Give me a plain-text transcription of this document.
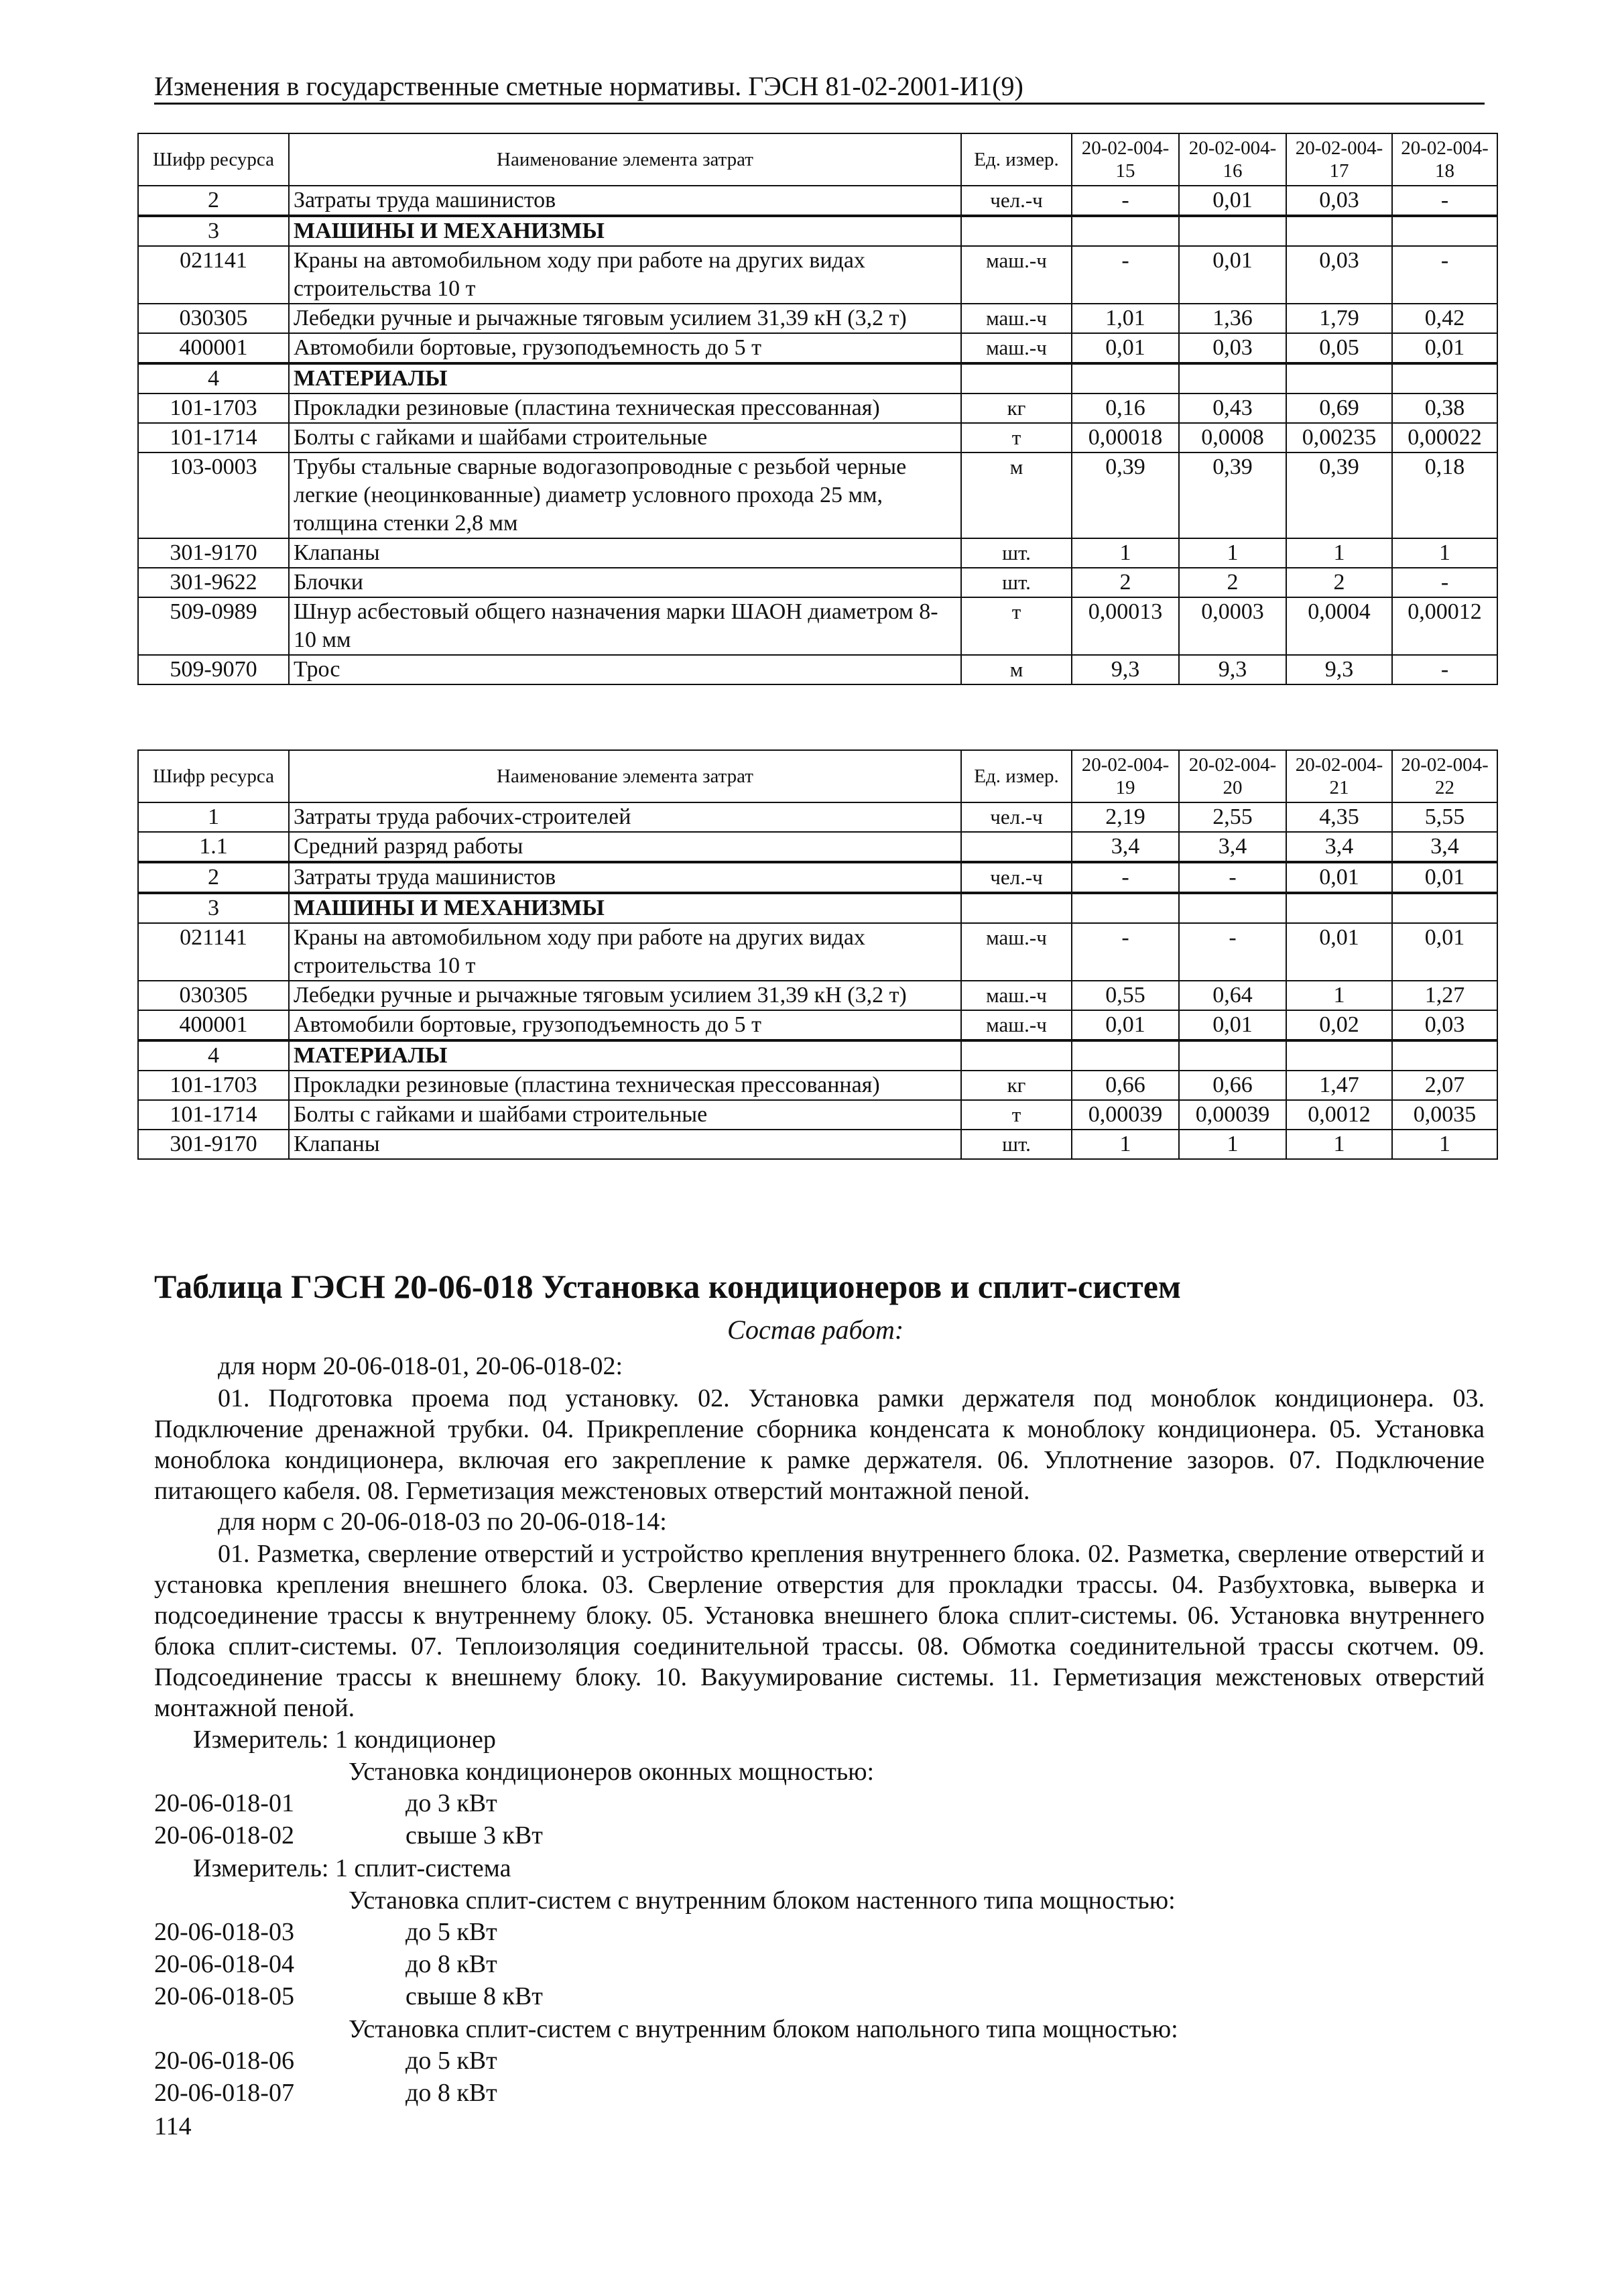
Изменения в государственные сметные нормативы. ГЭСН 81-02-2001-И1(9)
Шифр ресурса	Наименование элемента затрат	Ед. измер.	20-02-004-15	20-02-004-16	20-02-004-17	20-02-004-18
2	Затраты труда машинистов	чел.-ч	-	0,01	0,03	-
3	МАШИНЫ И МЕХАНИЗМЫ					
021141	Краны на автомобильном ходу при работе на других видах строительства 10 т	маш.-ч	-	0,01	0,03	-
030305	Лебедки ручные и рычажные тяговым усилием 31,39 кН (3,2 т)	маш.-ч	1,01	1,36	1,79	0,42
400001	Автомобили бортовые, грузоподъемность до 5 т	маш.-ч	0,01	0,03	0,05	0,01
4	МАТЕРИАЛЫ					
101-1703	Прокладки резиновые (пластина техническая прессованная)	кг	0,16	0,43	0,69	0,38
101-1714	Болты с гайками и шайбами строительные	т	0,00018	0,0008	0,00235	0,00022
103-0003	Трубы стальные сварные водогазопроводные с резьбой черные легкие (неоцинкованные) диаметр условного прохода 25 мм, толщина стенки 2,8 мм	м	0,39	0,39	0,39	0,18
301-9170	Клапаны	шт.	1	1	1	1
301-9622	Блочки	шт.	2	2	2	-
509-0989	Шнур асбестовый общего назначения марки ШАОН диаметром 8-10 мм	т	0,00013	0,0003	0,0004	0,00012
509-9070	Трос	м	9,3	9,3	9,3	-
Шифр ресурса	Наименование элемента затрат	Ед. измер.	20-02-004-19	20-02-004-20	20-02-004-21	20-02-004-22
1	Затраты труда рабочих-строителей	чел.-ч	2,19	2,55	4,35	5,55
1.1	Средний разряд работы		3,4	3,4	3,4	3,4
2	Затраты труда машинистов	чел.-ч	-	-	0,01	0,01
3	МАШИНЫ И МЕХАНИЗМЫ					
021141	Краны на автомобильном ходу при работе на других видах строительства 10 т	маш.-ч	-	-	0,01	0,01
030305	Лебедки ручные и рычажные тяговым усилием 31,39 кН (3,2 т)	маш.-ч	0,55	0,64	1	1,27
400001	Автомобили бортовые, грузоподъемность до 5 т	маш.-ч	0,01	0,01	0,02	0,03
4	МАТЕРИАЛЫ					
101-1703	Прокладки резиновые (пластина техническая прессованная)	кг	0,66	0,66	1,47	2,07
101-1714	Болты с гайками и шайбами строительные	т	0,00039	0,00039	0,0012	0,0035
301-9170	Клапаны	шт.	1	1	1	1
Таблица ГЭСН 20-06-018 Установка кондиционеров и сплит-систем
Состав работ:
для норм 20-06-018-01, 20-06-018-02:

01. Подготовка проема под установку. 02. Установка рамки держателя под моноблок кондиционера. 03. Подключение дренажной трубки. 04. Прикрепление сборника конденсата к моноблоку кондиционера. 05. Установка моноблока кондиционера, включая его закрепление к рамке держателя. 06. Уплотнение зазоров. 07. Подключение питающего кабеля. 08. Герметизация межстеновых отверстий монтажной пеной.

для норм с 20-06-018-03 по 20-06-018-14:

01. Разметка, сверление отверстий и устройство крепления внутреннего блока. 02. Разметка, сверление отверстий и установка крепления внешнего блока. 03. Сверление отверстия для прокладки трассы. 04. Разбухтовка, выверка и подсоединение трассы к внутреннему блоку. 05. Установка внешнего блока сплит-системы. 06. Установка внутреннего блока сплит-системы. 07. Теплоизоляция соединительной трассы. 08. Обмотка соединительной трассы скотчем. 09. Подсоединение трассы к внешнему блоку. 10. Вакуумирование системы. 11. Герметизация межстеновых отверстий монтажной пеной.

Измеритель: 1 кондиционер
Установка кондиционеров оконных мощностью:
20-06-018-01	до 3 кВт
20-06-018-02	свыше 3 кВт
Измеритель: 1 сплит-система
Установка сплит-систем с внутренним блоком настенного типа мощностью:
20-06-018-03	до 5 кВт
20-06-018-04	до 8 кВт
20-06-018-05	свыше 8 кВт
Установка сплит-систем с внутренним блоком напольного типа мощностью:
20-06-018-06	до 5 кВт
20-06-018-07	до 8 кВт
114
